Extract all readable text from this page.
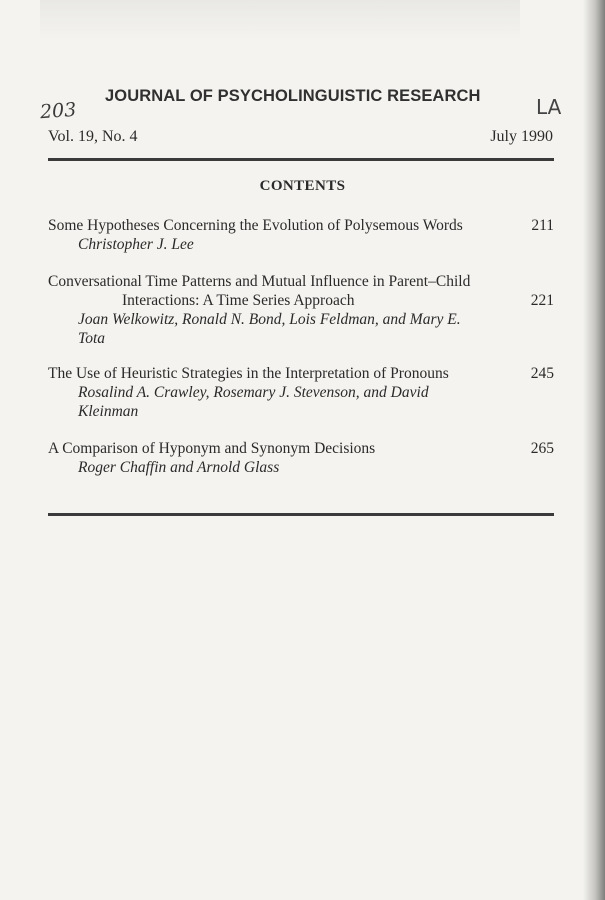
203	LA
JOURNAL OF PSYCHOLINGUISTIC RESEARCH
Vol. 19, No. 4	July 1990
CONTENTS
Some Hypotheses Concerning the Evolution of Polysemous Words
Christopher J. Lee
211
Conversational Time Patterns and Mutual Influence in Parent–Child
Interactions: A Time Series Approach
Joan Welkowitz, Ronald N. Bond, Lois Feldman, and Mary E.
Tota
221
The Use of Heuristic Strategies in the Interpretation of Pronouns
Rosalind A. Crawley, Rosemary J. Stevenson, and David
Kleinman
245
A Comparison of Hyponym and Synonym Decisions
Roger Chaffin and Arnold Glass
265
